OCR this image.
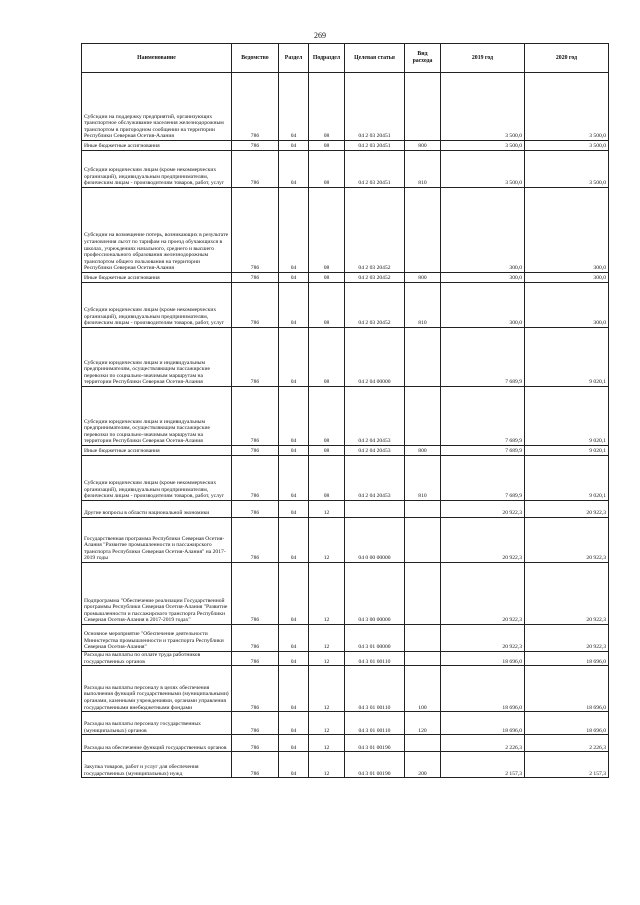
269
Наименование	Ведомство	Раздел	Подраздел	Целевая статья	Вид расхода	2019 год	2020 год
Субсидии на поддержку предприятий, организующих транспортное обслуживание населения железнодорожным транспортом в пригородном сообщении на территории Республики Северная Осетия-Алания	786	04	08	04 2 03 20451		3 500,0	3 500,0
Иные бюджетные ассигнования	786	04	08	04 2 03 20451	800	3 500,0	3 500,0
Субсидии юридическим лицам (кроме некоммерческих организаций), индивидуальным предпринимателям, физическим лицам - производителям товаров, работ, услуг	786	04	08	04 2 03 20451	810	3 500,0	3 500,0
Субсидии на возмещение потерь, возникающих в результате установления льгот по тарифам на проезд обучающихся в школах, учреждениях начального, среднего и высшего профессионального образования железнодорожным транспортом общего пользования на территории Республики Северная Осетия-Алания	786	04	08	04 2 03 20452		300,0	300,0
Иные бюджетные ассигнования	786	04	08	04 2 03 20452	800	300,0	300,0
Субсидии юридическим лицам (кроме некоммерческих организаций), индивидуальным предпринимателям, физическим лицам - производителям товаров, работ, услуг	786	04	08	04 2 03 20452	810	300,0	300,0
Субсидии юридическим лицам и индивидуальным предпринимателям, осуществляющим пассажирские перевозки по социально-значимым маршрутам на территории Республики Северная Осетия-Алания	786	04	08	04 2 04 00000		7 689,9	9 020,1
Субсидии юридическим лицам и индивидуальным предпринимателям, осуществляющим пассажирские перевозки по социально-значимым маршрутам на территории Республики Северная Осетия-Алания	786	04	08	04 2 04 20453		7 689,9	9 020,1
Иные бюджетные ассигнования	786	04	08	04 2 04 20453	800	7 689,9	9 020,1
Субсидии юридическим лицам (кроме некоммерческих организаций), индивидуальным предпринимателям, физическим лицам - производителям товаров, работ, услуг	786	04	08	04 2 04 20453	810	7 689,9	9 020,1
Другие вопросы в области национальной экономики	786	04	12			20 922,3	20 922,3
Государственная программа Республики Северная Осетия-Алания "Развитие промышленности и пассажирского транспорта Республики Северная Осетия-Алания" на 2017-2019 годы	786	04	12	04 0 00 00000		20 922,3	20 922,3
Подпрограмма "Обеспечение реализации Государственной программы Республики Северная Осетия-Алания "Развитие промышленности и пассажирского транспорта Республики Северная Осетия-Алания в 2017-2019 годах"	786	04	12	04 3 00 00000		20 922,3	20 922,3
Основное мероприятие "Обеспечение деятельности Министерства промышленности и транспорта Республики Северная Осетия-Алания"	786	04	12	04 3 01 00000		20 922,3	20 922,3
Расходы на выплаты по оплате труда работников государственных органов	786	04	12	04 3 01 00110		18 696,0	18 696,0
Расходы на выплаты персоналу в целях обеспечения выполнения функций государственными (муниципальными) органами, казенными учреждениями, органами управления государственными внебюджетными фондами	786	04	12	04 3 01 00110	100	18 696,0	18 696,0
Расходы на выплаты персоналу государственных (муниципальных) органов	786	04	12	04 3 01 00110	120	18 696,0	18 696,0
Расходы на обеспечение функций государственных органов	786	04	12	04 3 01 00190		2 226,3	2 226,3
Закупка товаров, работ и услуг для обеспечения государственных (муниципальных) нужд	786	04	12	04 3 01 00190	200	2 157,3	2 157,3
